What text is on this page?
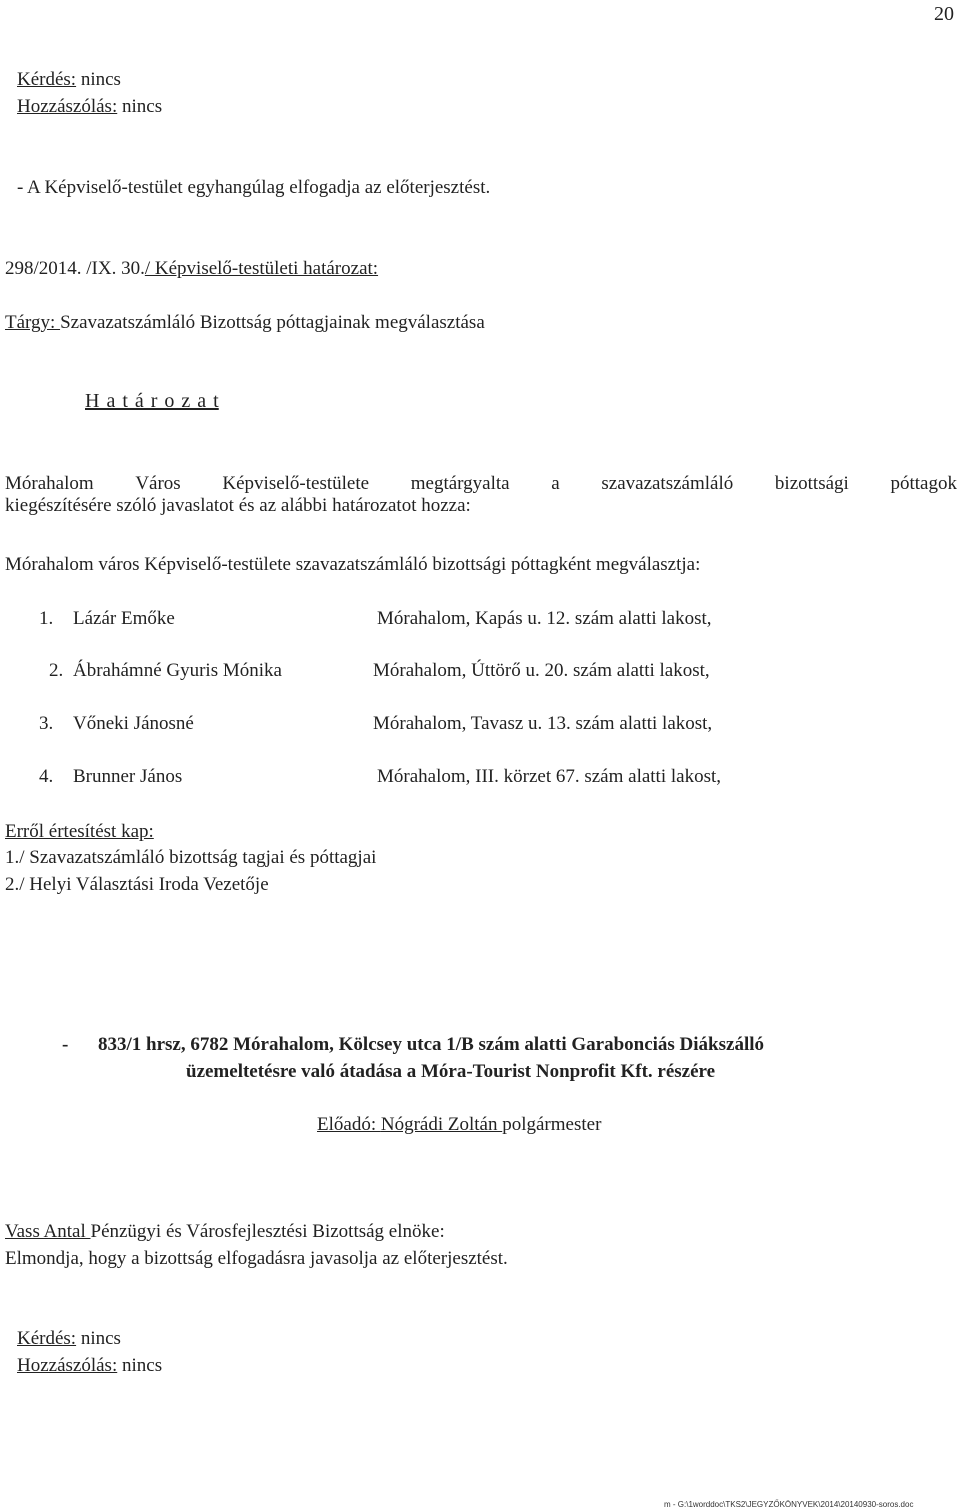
20
Kérdés: nincs
Hozzászólás: nincs
- A Képviselő-testület egyhangúlag elfogadja az előterjesztést.
298/2014. /IX. 30./ Képviselő-testületi határozat:
Tárgy: Szavazatszámláló Bizottság póttagjainak megválasztása
H a t á r o z a t
Mórahalom Város Képviselő-testülete megtárgyalta a szavazatszámláló bizottsági póttagok
kiegészítésére szóló javaslatot és az alábbi határozatot hozza:
Mórahalom város Képviselő-testülete szavazatszámláló bizottsági póttagként megválasztja:
1. Lázár Emőke	Mórahalom, Kapás u. 12. szám alatti lakost,
2. Ábrahámné Gyuris Mónika	Mórahalom, Úttörő u. 20. szám alatti lakost,
3. Vőneki Jánosné	Mórahalom, Tavasz u. 13. szám alatti lakost,
4. Brunner János	Mórahalom, III. körzet 67. szám alatti lakost,
Erről értesítést kap:
1./ Szavazatszámláló bizottság tagjai és póttagjai
2./ Helyi Választási Iroda Vezetője
- 833/1 hrsz, 6782 Mórahalom, Kölcsey utca 1/B szám alatti Garabonciás Diákszálló
üzemeltetésre való átadása a Móra-Tourist Nonprofit Kft. részére
Előadó: Nógrádi Zoltán polgármester
Vass Antal Pénzügyi és Városfejlesztési Bizottság elnöke:
Elmondja, hogy a bizottság elfogadásra javasolja az előterjesztést.
Kérdés: nincs
Hozzászólás: nincs
m - G:\1worddoc\TKS2\JEGYZŐKÖNYVEK\2014\20140930-soros.doc
